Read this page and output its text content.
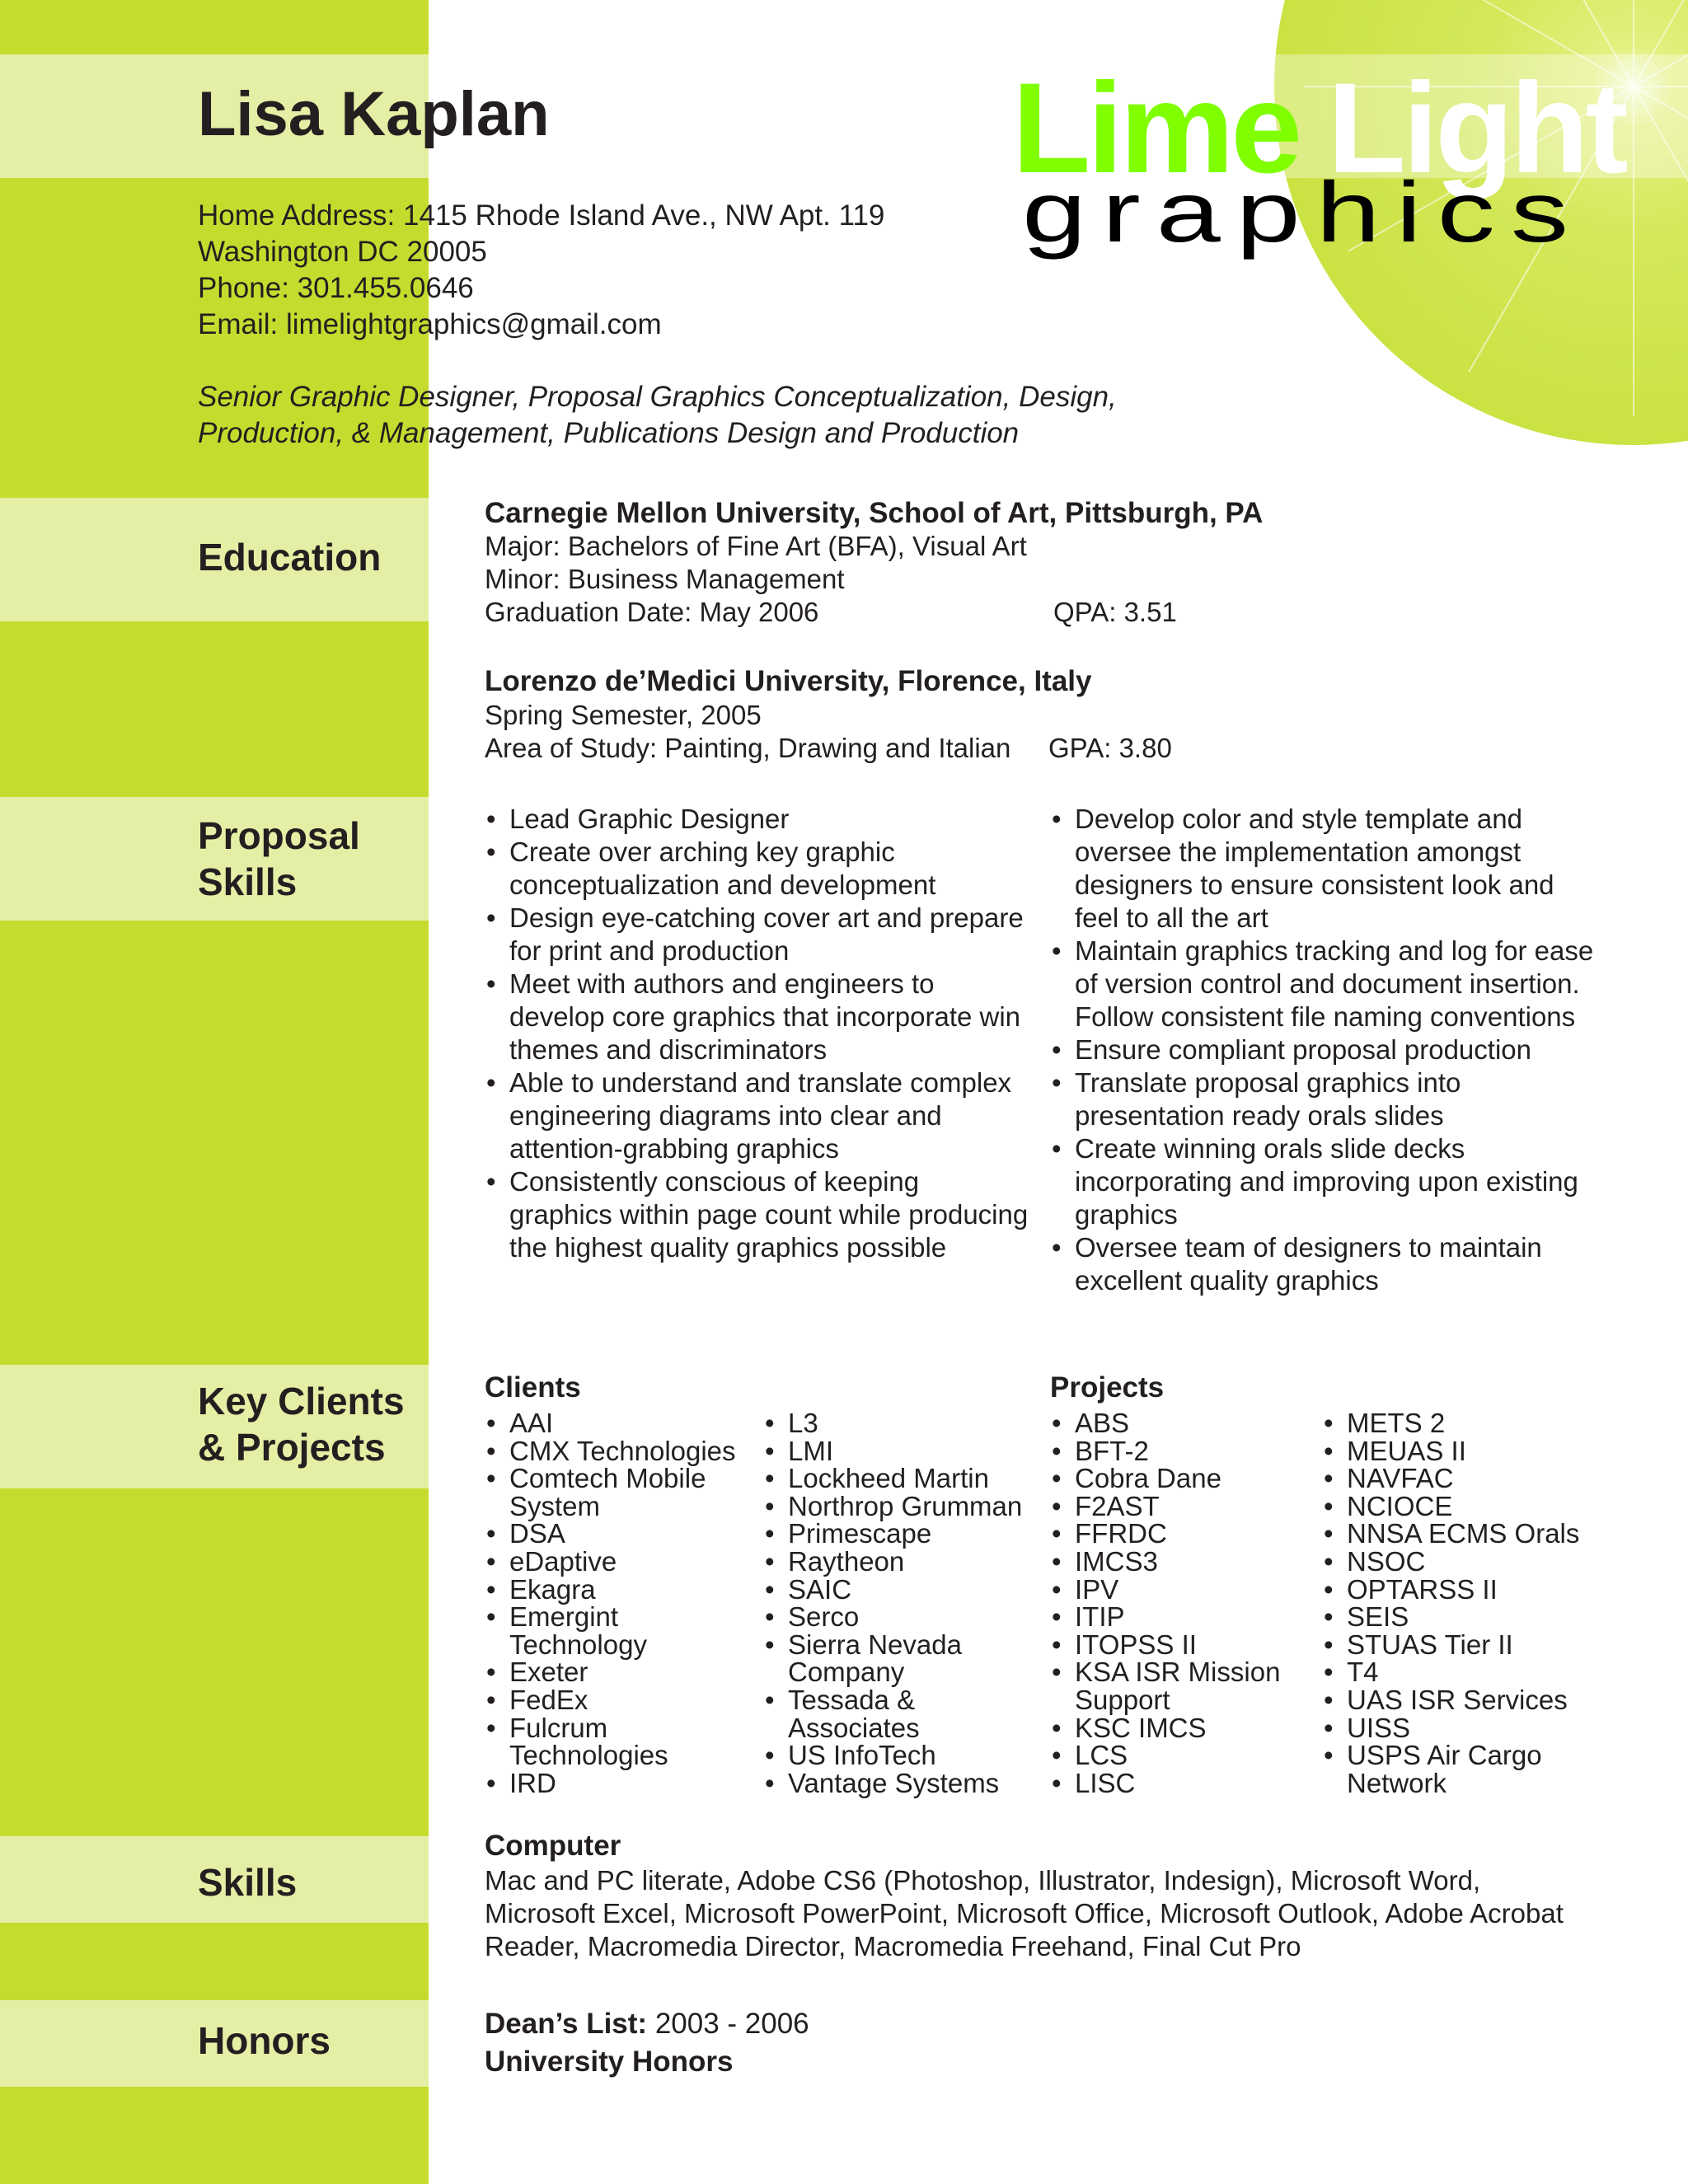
Lime Light
graphics
Lisa Kaplan
Home Address: 1415 Rhode Island Ave., NW Apt. 119
Washington DC 20005
Phone: 301.455.0646
Email: limelightgraphics@gmail.com
Senior Graphic Designer, Proposal Graphics Conceptualization, Design,
Production, & Management, Publications Design and Production
Education
Proposal
Skills
Key Clients
& Projects
Skills
Honors
Carnegie Mellon University, School of Art, Pittsburgh, PA
Major: Bachelors of Fine Art (BFA), Visual Art
Minor: Business Management
Graduation Date: May 2006	QPA: 3.51
Lorenzo de’Medici University, Florence, Italy
Spring Semester, 2005
Area of Study: Painting, Drawing and Italian GPA: 3.80
• Lead Graphic Designer
• Create over arching key graphic conceptualization and development
• Design eye-catching cover art and prepare for print and production
• Meet with authors and engineers to develop core graphics that incorporate win themes and discriminators
• Able to understand and translate complex engineering diagrams into clear and attention-grabbing graphics
• Consistently conscious of keeping graphics within page count while producing the highest quality graphics possible
• Develop color and style template and oversee the implementation amongst designers to ensure consistent look and feel to all the art
• Maintain graphics tracking and log for ease of version control and document insertion. Follow consistent file naming conventions
• Ensure compliant proposal production
• Translate proposal graphics into presentation ready orals slides
• Create winning orals slide decks incorporating and improving upon existing graphics
• Oversee team of designers to maintain excellent quality graphics
Clients
• AAI
• CMX Technologies
• Comtech Mobile System
• DSA
• eDaptive
• Ekagra
• Emergint Technology
• Exeter
• FedEx
• Fulcrum Technologies
• IRD
• L3
• LMI
• Lockheed Martin
• Northrop Grumman
• Primescape
• Raytheon
• SAIC
• Serco
• Sierra Nevada Company
• Tessada & Associates
• US InfoTech
• Vantage Systems
Projects
• ABS
• BFT-2
• Cobra Dane
• F2AST
• FFRDC
• IMCS3
• IPV
• ITIP
• ITOPSS II
• KSA ISR Mission Support
• KSC IMCS
• LCS
• LISC
• METS 2
• MEUAS II
• NAVFAC
• NCIOCE
• NNSA ECMS Orals
• NSOC
• OPTARSS II
• SEIS
• STUAS Tier II
• T4
• UAS ISR Services
• UISS
• USPS Air Cargo Network
Computer
Mac and PC literate, Adobe CS6 (Photoshop, Illustrator, Indesign), Microsoft Word,
Microsoft Excel, Microsoft PowerPoint, Microsoft Office, Microsoft Outlook, Adobe Acrobat
Reader, Macromedia Director, Macromedia Freehand, Final Cut Pro
Dean’s List: 2003 - 2006
University Honors
